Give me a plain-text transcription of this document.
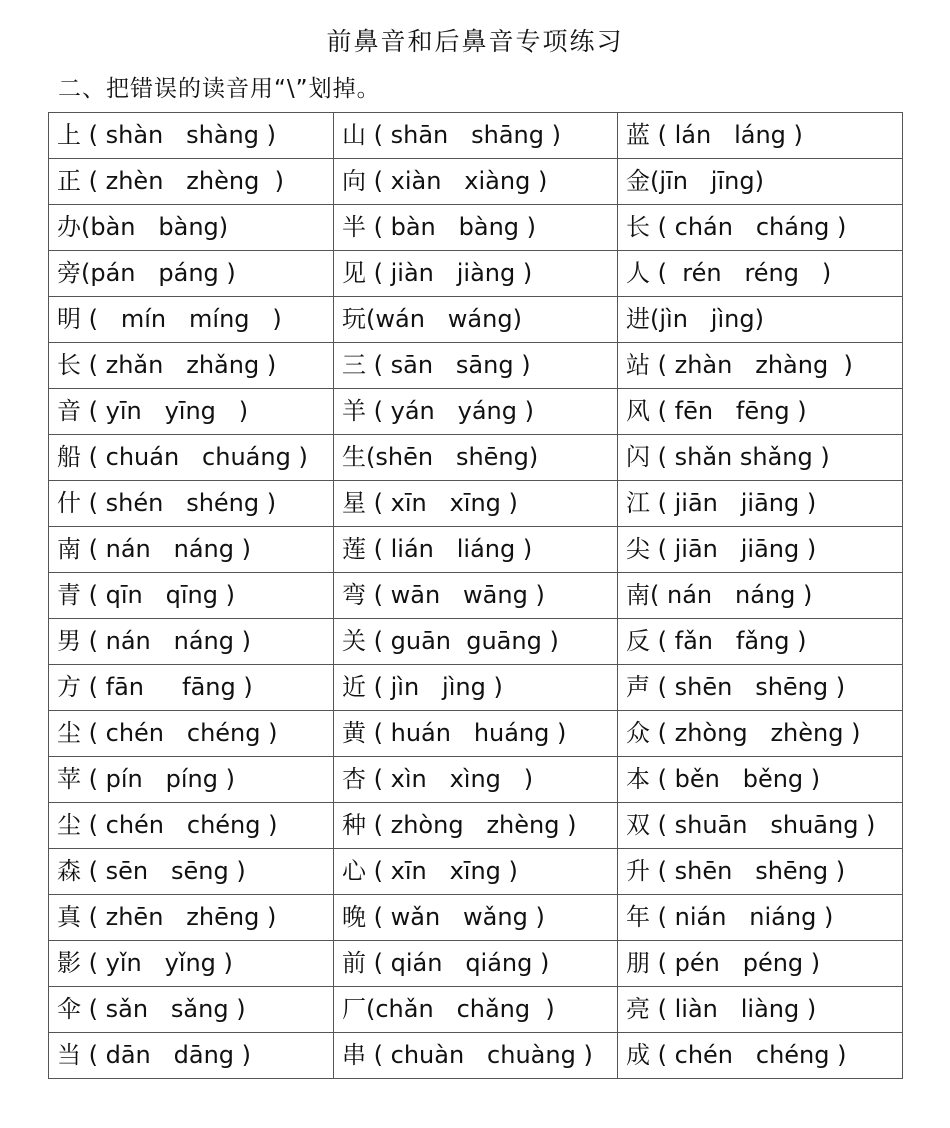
前鼻音和后鼻音专项练习
二、把错误的读音用“\”划掉。
上 ( shàn   shàng )	山 ( shān   shāng )	蓝 ( lán   láng )
正 ( zhèn   zhèng  )	向 ( xiàn   xiàng )	金(jīn   jīng)
办(bàn   bàng)	半 ( bàn   bàng )	长 ( chán   cháng )
旁(pán   páng )	见 ( jiàn   jiàng )	人 (  rén   réng   )
明 (   mín   míng   )	玩(wán   wáng)	进(jìn   jìng)
长 ( zhǎn   zhǎng )	三 ( sān   sāng )	站 ( zhàn   zhàng  )
音 ( yīn   yīng   )	羊 ( yán   yáng )	风 ( fēn   fēng )
船 ( chuán   chuáng )	生(shēn   shēng)	闪 ( shǎn shǎng )
什 ( shén   shéng )	星 ( xīn   xīng )	江 ( jiān   jiāng )
南 ( nán   náng )	莲 ( lián   liáng )	尖 ( jiān   jiāng )
青 ( qīn   qīng )	弯 ( wān   wāng )	南( nán   náng )
男 ( nán   náng )	关 ( guān  guāng )	反 ( fǎn   fǎng )
方 ( fān     fāng )	近 ( jìn   jìng )	声 ( shēn   shēng )
尘 ( chén   chéng )	黄 ( huán   huáng )	众 ( zhòng   zhèng )
苹 ( pín   píng )	杏 ( xìn   xìng   )	本 ( běn   běng )
尘 ( chén   chéng )	种 ( zhòng   zhèng )	双 ( shuān   shuāng )
森 ( sēn   sēng )	心 ( xīn   xīng )	升 ( shēn   shēng )
真 ( zhēn   zhēng )	晚 ( wǎn   wǎng )	年 ( nián   niáng )
影 ( yǐn   yǐng )	前 ( qián   qiáng )	朋 ( pén   péng )
伞 ( sǎn   sǎng )	厂(chǎn   chǎng  )	亮 ( liàn   liàng )
当 ( dān   dāng )	串 ( chuàn   chuàng )	成 ( chén   chéng )
